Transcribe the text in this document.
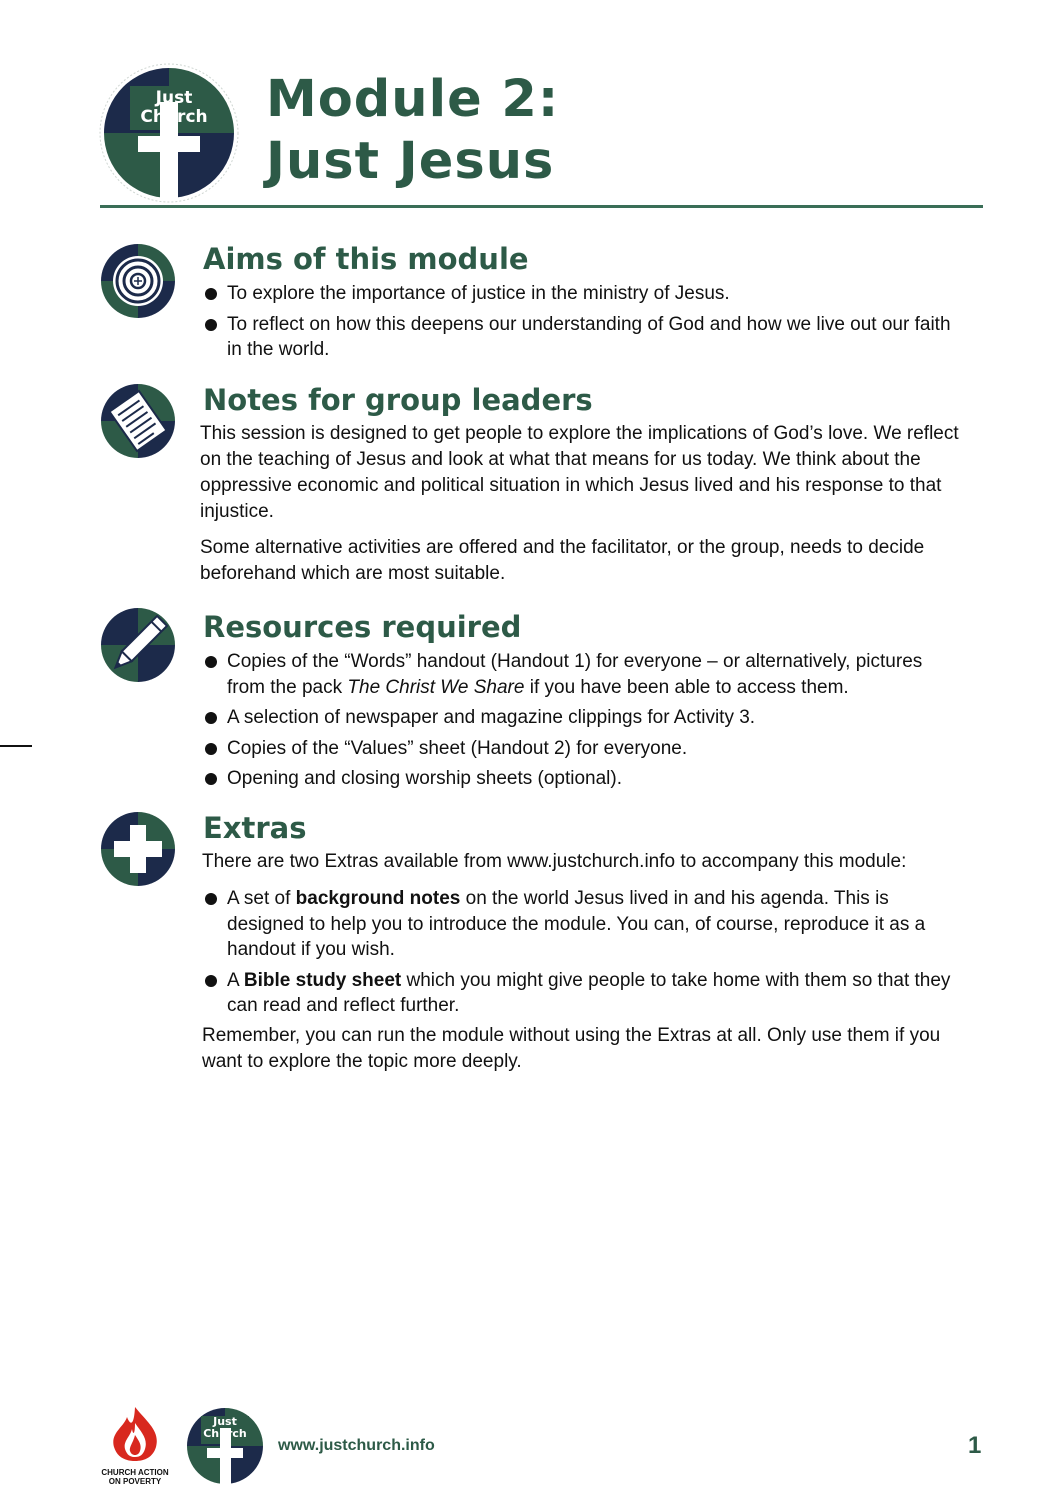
Just
Church Module 2:
Just Jesus
Aims of this module
To explore the importance of justice in the ministry of Jesus.
To reflect on how this deepens our understanding of God and how we live out our faith in the world.
Notes for group leaders

This session is designed to get people to explore the implications of God’s love. We reflect on the teaching of Jesus and look at what that means for us today. We think about the oppressive economic and political situation in which Jesus lived and his response to that injustice.

Some alternative activities are offered and the facilitator, or the group, needs to decide beforehand which are most suitable.

Resources required
Copies of the “Words” handout (Handout 1) for everyone – or alternatively, pictures from the pack The Christ We Share if you have been able to access them.
A selection of newspaper and magazine clippings for Activity 3.
Copies of the “Values” sheet (Handout 2) for everyone.
Opening and closing worship sheets (optional).
Extras

There are two Extras available from www.justchurch.info to accompany this module:

A set of background notes on the world Jesus lived in and his agenda. This is designed to help you to introduce the module. You can, of course, reproduce it as a handout if you wish.
A Bible study sheet which you might give people to take home with them so that they can read and reflect further.

Remember, you can run the module without using the Extras at all. Only use them if you want to explore the topic more deeply.

CHURCH ACTION
ON POVERTY
Just
Church
www.justchurch.info	1
